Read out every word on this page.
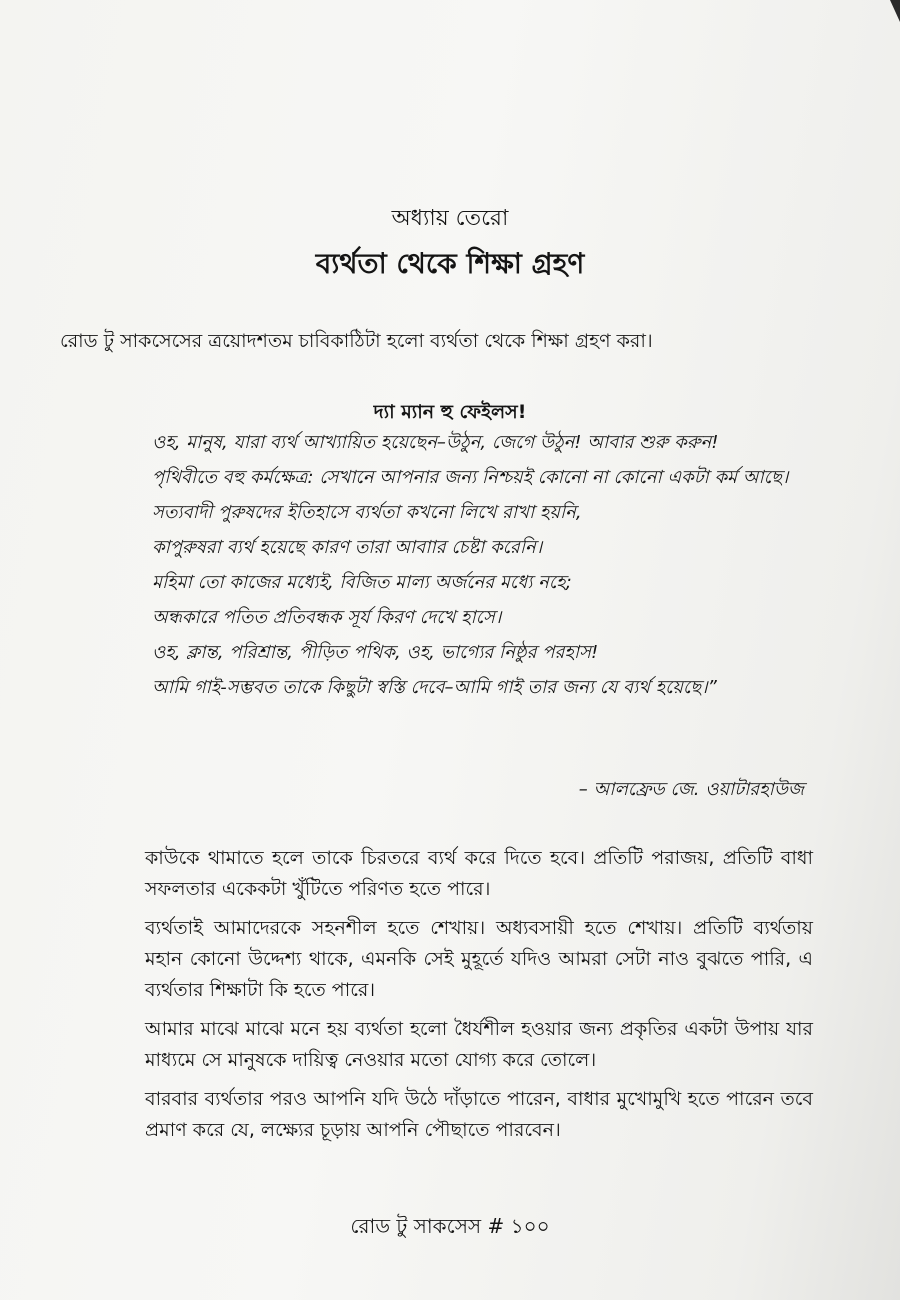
অধ্যায় তেরো
ব্যর্থতা থেকে শিক্ষা গ্রহণ

রোড টু সাকসেসের ত্রয়োদশতম চাবিকাঠিটা হলো ব্যর্থতা থেকে শিক্ষা গ্রহণ করা।

দ্যা ম্যান হু ফেইলস!
ওহ, মানুষ, যারা ব্যর্থ আখ্যায়িত হয়েছেন–উঠুন, জেগে উঠুন! আবার শুরু করুন!
পৃথিবীতে বহু কর্মক্ষেত্র: সেখানে আপনার জন্য নিশ্চয়ই কোনো না কোনো একটা কর্ম আছে।
সত্যবাদী পুরুষদের ইতিহাসে ব্যর্থতা কখনো লিখে রাখা হয়নি,
কাপুরুষরা ব্যর্থ হয়েছে কারণ তারা আবাার চেষ্টা করেনি।
মহিমা তো কাজের মধ্যেই, বিজিত মাল্য অর্জনের মধ্যে নহে;
অন্ধকারে পতিত প্রতিবন্ধক সূর্য কিরণ দেখে হাসে।
ওহ, ক্লান্ত, পরিশ্রান্ত, পীড়িত পথিক, ওহ, ভাগ্যের নিষ্ঠুর পরহাস!
আমি গাই-সম্ভবত তাকে কিছুটা স্বস্তি দেবে–আমি গাই তার জন্য যে ব্যর্থ হয়েছে।”
– আলফ্রেড জে. ওয়াটারহাউজ

কাউকে থামাতে হলে তাকে চিরতরে ব্যর্থ করে দিতে হবে। প্রতিটি পরাজয়, প্রতিটি বাধা সফলতার একেকটা খুঁটিতে পরিণত হতে পারে।

ব্যর্থতাই আমাদেরকে সহনশীল হতে শেখায়। অধ্যবসায়ী হতে শেখায়। প্রতিটি ব্যর্থতায় মহান কোনো উদ্দেশ্য থাকে, এমনকি সেই মুহূর্তে যদিও আমরা সেটা নাও বুঝতে পারি, এ ব্যর্থতার শিক্ষাটা কি হতে পারে।

আমার মাঝে মাঝে মনে হয় ব্যর্থতা হলো ধৈর্যশীল হওয়ার জন্য প্রকৃতির একটা উপায় যার মাধ্যমে সে মানুষকে দায়িত্ব নেওয়ার মতো যোগ্য করে তোলে।

বারবার ব্যর্থতার পরও আপনি যদি উঠে দাঁড়াতে পারেন, বাধার মুখোমুখি হতে পারেন তবে প্রমাণ করে যে, লক্ষ্যের চূড়ায় আপনি পৌছাতে পারবেন।

রোড টু সাকসেস # ১০০
